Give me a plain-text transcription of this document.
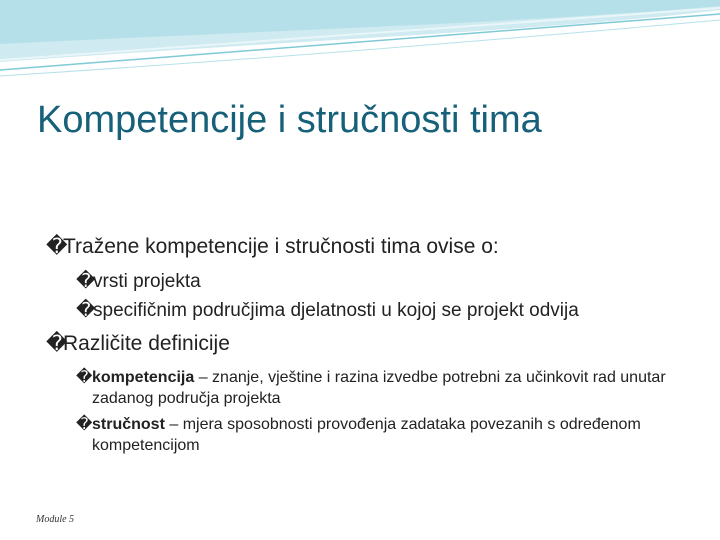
Kompetencije i stručnosti tima
�
Tražene kompetencije i stručnosti tima ovise o:
�
vrsti projekta
�
specifičnim područjima djelatnosti u kojoj se projekt odvija
�
Različite definicije
� kompetencija – znanje, vještine i razina izvedbe potrebni za učinkovit rad unutar zadanog područja projekta
� stručnost – mjera sposobnosti provođenja zadataka povezanih s određenom kompetencijom
Module 5
